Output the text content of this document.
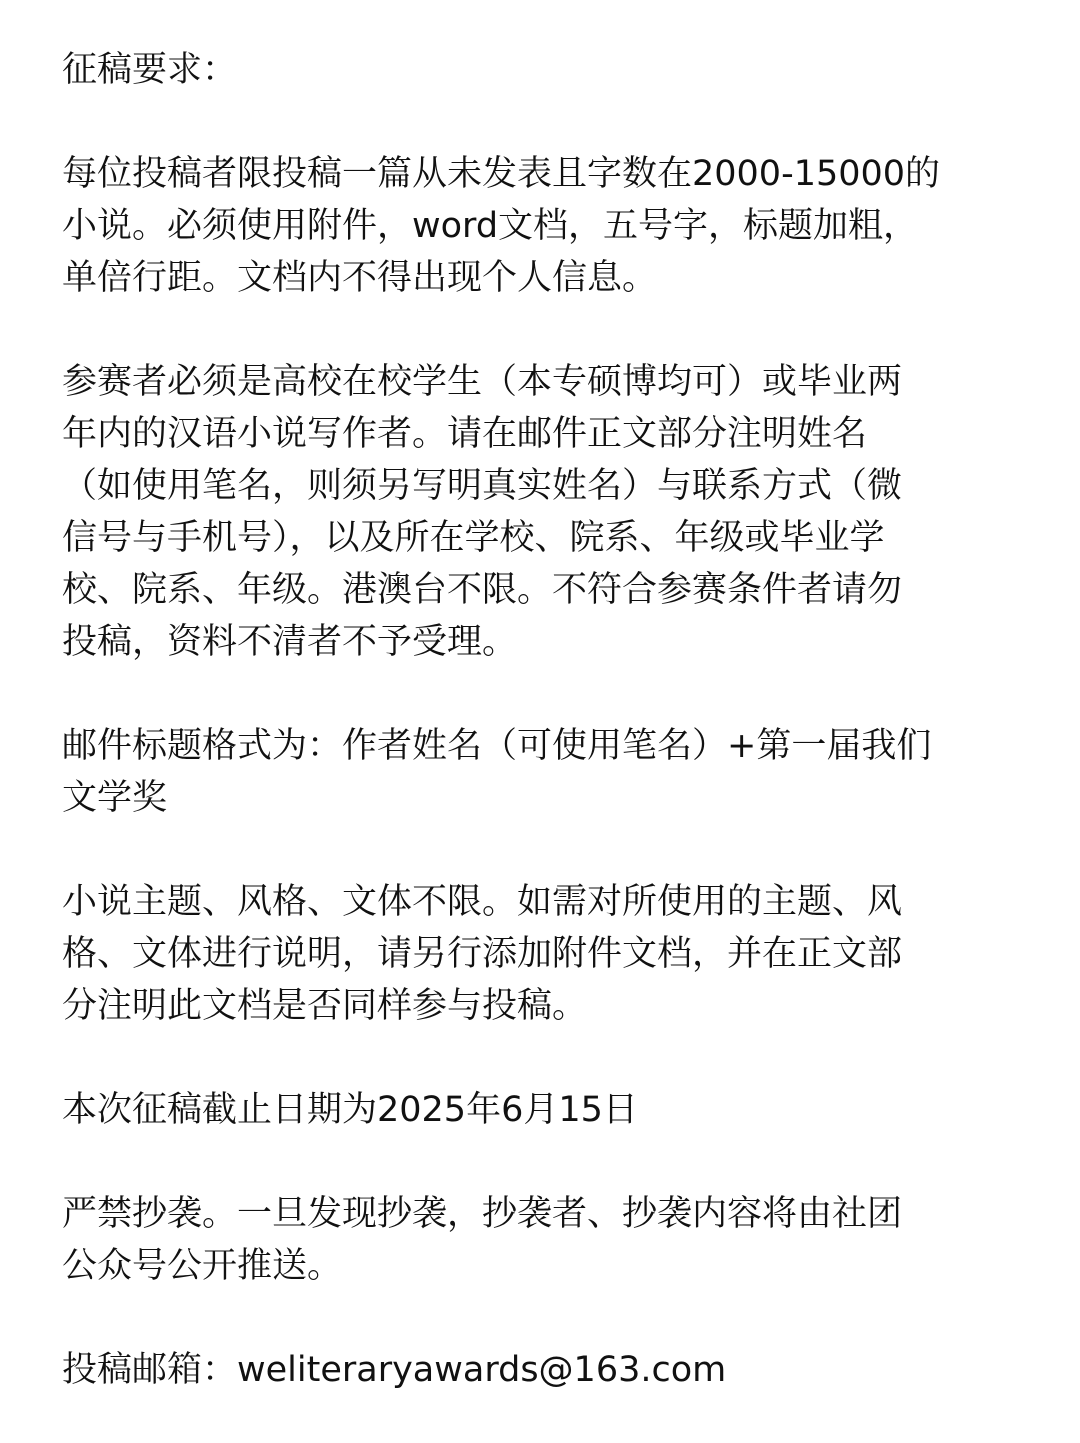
征稿要求：
每位投稿者限投稿一篇从未发表且字数在2000-15000的
小说。必须使用附件，word文档，五号字，标题加粗，
单倍行距。文档内不得出现个人信息。
参赛者必须是高校在校学生（本专硕博均可）或毕业两
年内的汉语小说写作者。请在邮件正文部分注明姓名
（如使用笔名，则须另写明真实姓名）与联系方式（微
信号与手机号），以及所在学校、院系、年级或毕业学
校、院系、年级。港澳台不限。不符合参赛条件者请勿
投稿，资料不清者不予受理。
邮件标题格式为：作者姓名（可使用笔名）+第一届我们
文学奖
小说主题、风格、文体不限。如需对所使用的主题、风
格、文体进行说明，请另行添加附件文档，并在正文部
分注明此文档是否同样参与投稿。
本次征稿截止日期为2025年6月15日
严禁抄袭。一旦发现抄袭，抄袭者、抄袭内容将由社团
公众号公开推送。
投稿邮箱：weliteraryawards@163.com
